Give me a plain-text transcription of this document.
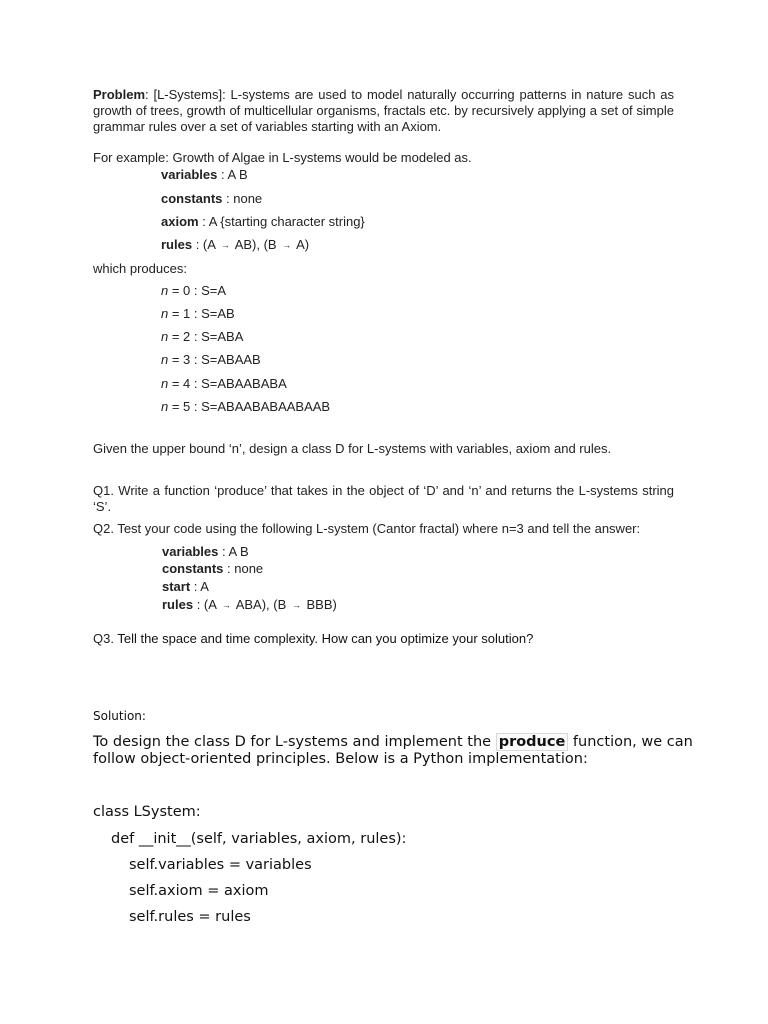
Problem: [L-Systems]: L-systems are used to model naturally occurring patterns in nature such as growth of trees, growth of multicellular organisms, fractals etc. by recursively applying a set of simple grammar rules over a set of variables starting with an Axiom.
For example: Growth of Algae in L-systems would be modeled as.
variables : A B
constants : none
axiom : A {starting character string}
rules : (A → AB), (B → A)
which produces:
n = 0 : S=A
n = 1 : S=AB
n = 2 : S=ABA
n = 3 : S=ABAAB
n = 4 : S=ABAABABA
n = 5 : S=ABAABABAABAAB
Given the upper bound ‘n’, design a class D for L-systems with variables, axiom and rules.
Q1. Write a function ‘produce’ that takes in the object of ‘D’ and ‘n’ and returns the L-systems string ‘S’.
Q2. Test your code using the following L-system (Cantor fractal) where n=3 and tell the answer:
variables : A B
constants : none
start : A
rules : (A → ABA), (B → BBB)
Q3. Tell the space and time complexity. How can you optimize your solution?
Solution:
To design the class D for L-systems and implement the produce function, we can
follow object-oriented principles. Below is a Python implementation:
class LSystem:
def __init__(self, variables, axiom, rules):
self.variables = variables
self.axiom = axiom
self.rules = rules
